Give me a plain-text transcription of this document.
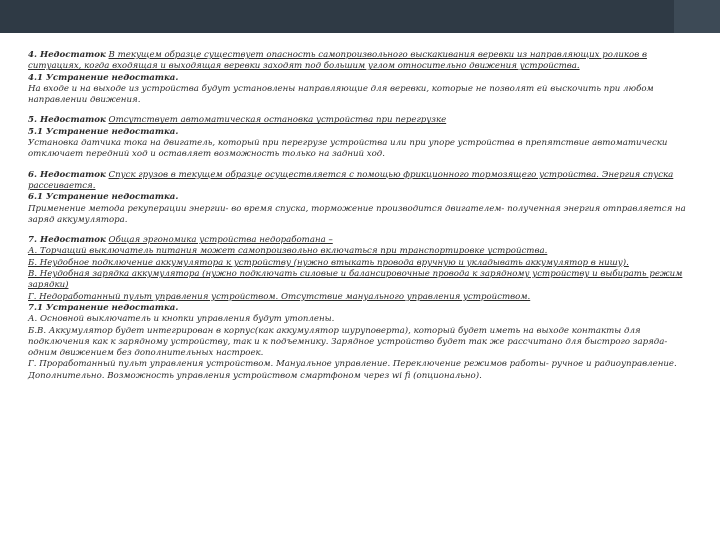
4. Недостаток В текущем образце существует опасность самопроизвольного выскакивания веревки из направляющих роликов в ситуациях, когда входящая и выходящая веревки заходят под большим углом относительно движения устройства.

4.1 Устранение недостатка.

На входе и на выходе из устройства будут установлены направляющие для веревки, которые не позволят ей выскочить при любом направлении движения.

5. Недостаток Отсутствует автоматическая остановка устройства при перегрузке

5.1 Устранение недостатка.

Установка датчика тока на двигатель, который при перегрузе устройства или при упоре устройства в препятствие автоматически отключает передний ход и оставляет возможность только на задний ход.

6. Недостаток Спуск грузов в текущем образце осуществляется с помощью фрикционного тормозящего устройства. Энергия спуска рассеивается.

6.1 Устранение недостатка.

Применение метода рекуперации энергии- во время спуска, торможение производится двигателем- полученная энергия отправляется на заряд аккумулятора.

7. Недостаток Общая эргономика устройства недоработана –

А. Торчащий выключатель питания может самопроизвольно включаться при транспортировке устройства.

Б. Неудобное подключение аккумулятора к устройству (нужно втыкать провода вручную и укладывать аккумулятор в нишу).

В. Неудобная зарядка аккумулятора (нужно подключать силовые и балансировочные провода к зарядному устройству и выбирать режим зарядки)

Г. Недоработанный пульт управления устройством. Отсутствие мануального управления устройством.

7.1 Устранение недостатка.

А. Основной выключатель и кнопки управления будут утоплены.

Б.В. Аккумулятор будет интегрирован в корпус(как аккумулятор шуруповерта), который будет иметь на выходе контакты для подключения как к зарядному устройству, так и к подъемнику. Зарядное устройство будет так же рассчитано для быстрого заряда- одним движением без дополнительных настроек.

Г. Проработанный пульт управления устройством. Мануальное управление. Переключение режимов работы- ручное и радиоуправление.

Дополнительно. Возможность управления устройством смартфоном через wi fi (опционально).
